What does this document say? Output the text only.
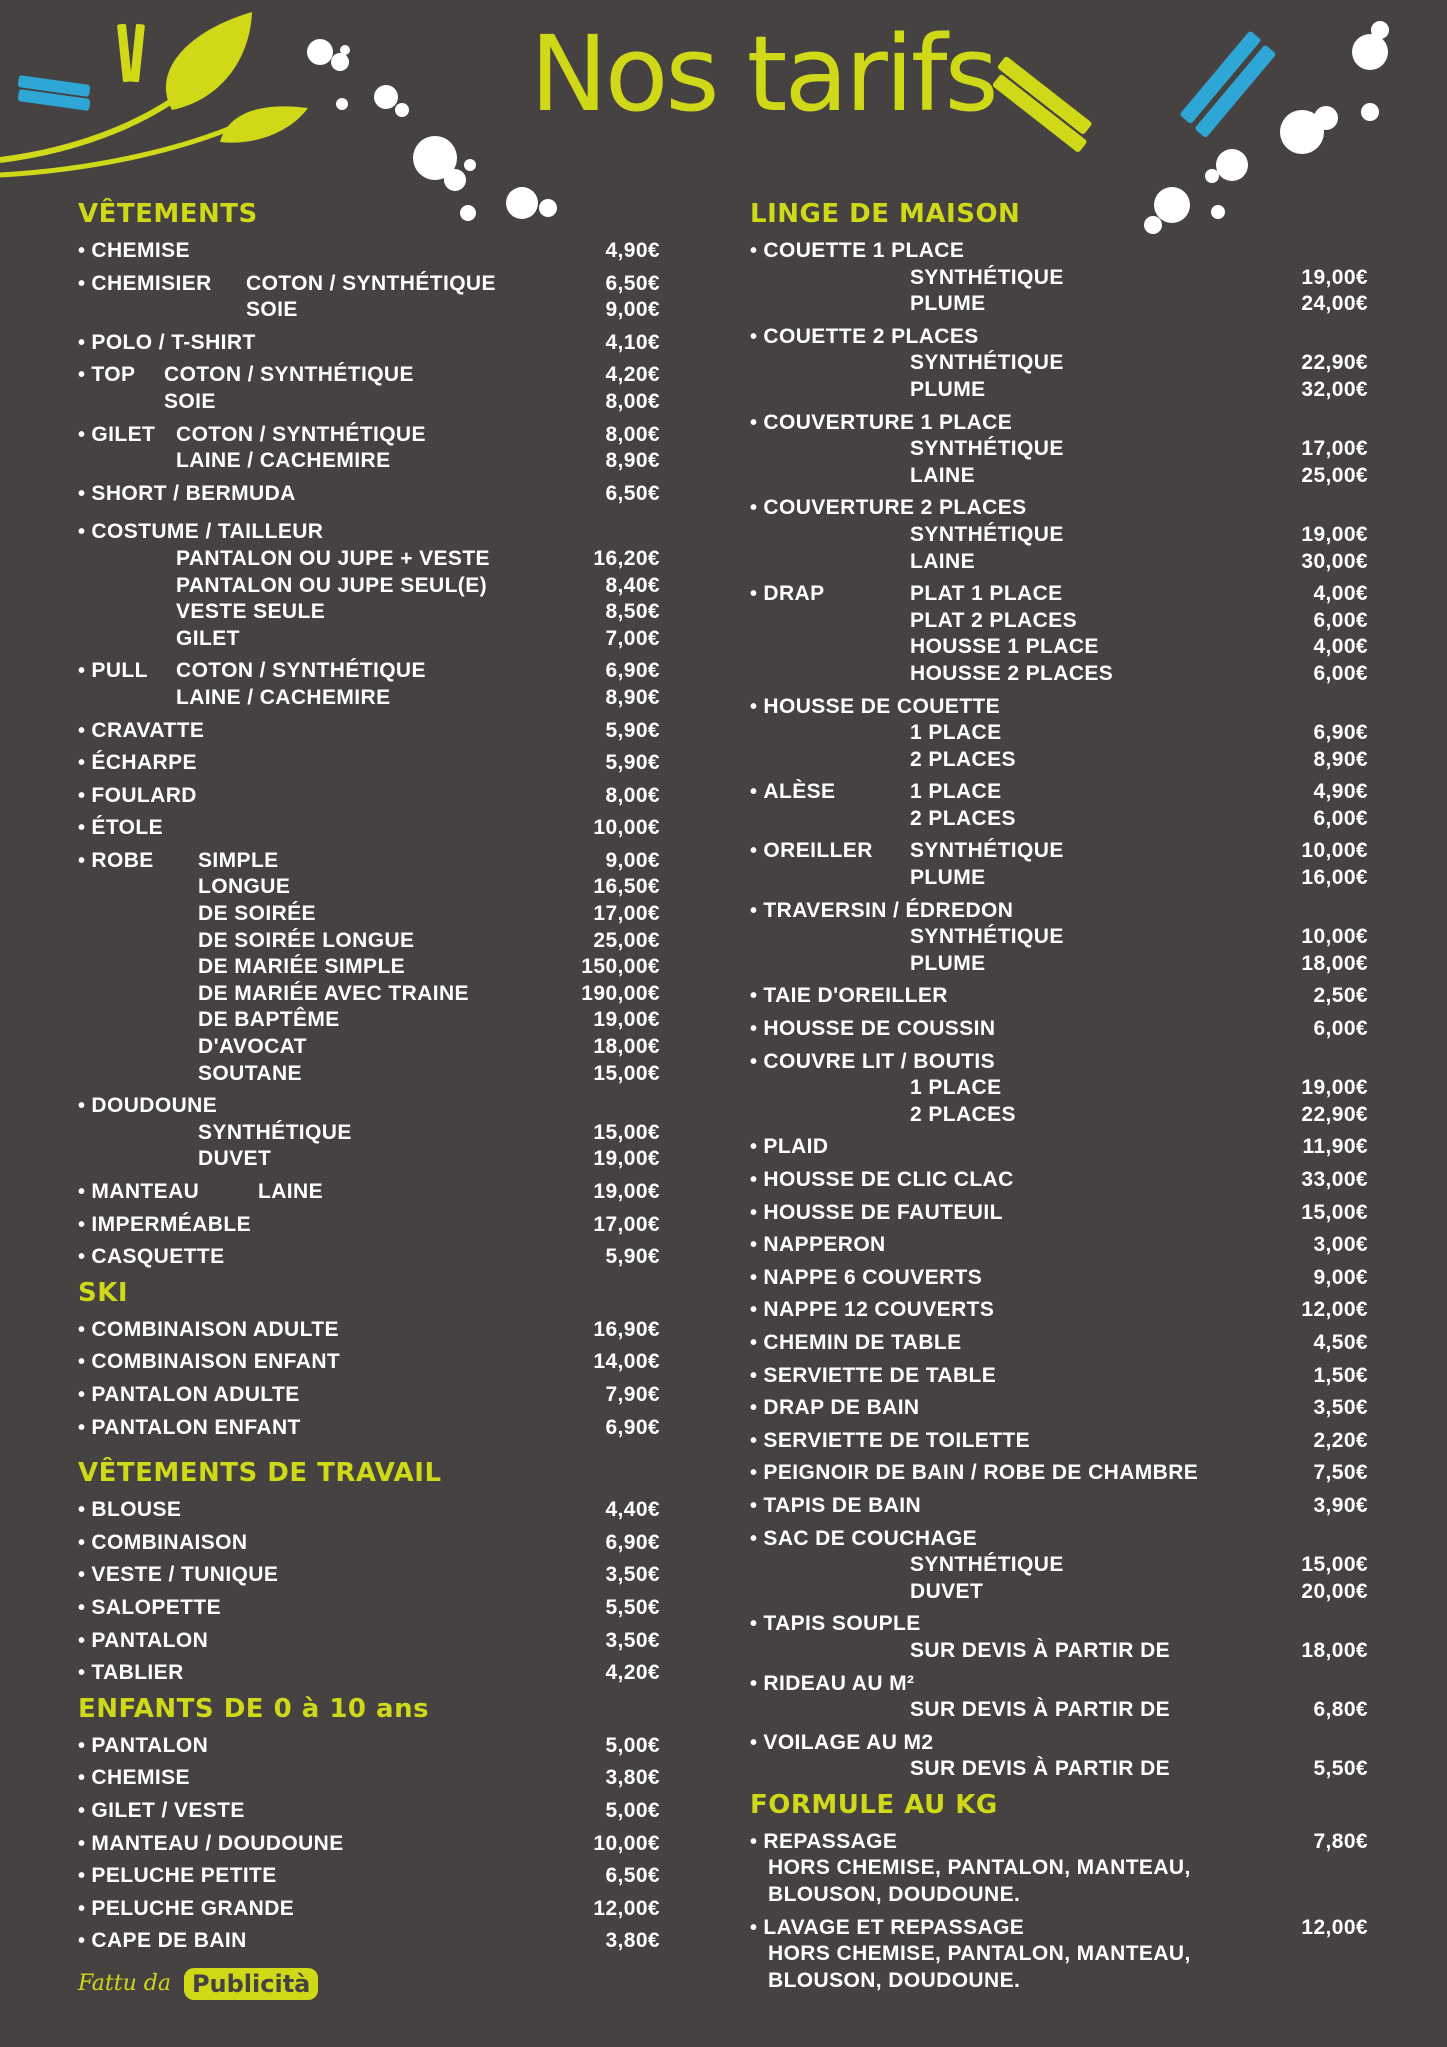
Nos tarifs
VÊTEMENTS
• CHEMISE	4,90€
• CHEMISIER COTON / SYNTHÉTIQUE	6,50€
SOIE	9,00€
• POLO / T-SHIRT	4,10€
• TOP COTON / SYNTHÉTIQUE	4,20€
SOIE	8,00€
• GILET COTON / SYNTHÉTIQUE	8,00€
LAINE / CACHEMIRE	8,90€
• SHORT / BERMUDA	6,50€
• COSTUME / TAILLEUR
PANTALON OU JUPE + VESTE	16,20€
PANTALON OU JUPE SEUL(E)	8,40€
VESTE SEULE	8,50€
GILET	7,00€
• PULL COTON / SYNTHÉTIQUE	6,90€
LAINE / CACHEMIRE	8,90€
• CRAVATTE	5,90€
• ÉCHARPE	5,90€
• FOULARD	8,00€
• ÉTOLE	10,00€
• ROBE SIMPLE	9,00€
LONGUE	16,50€
DE SOIRÉE	17,00€
DE SOIRÉE LONGUE	25,00€
DE MARIÉE SIMPLE	150,00€
DE MARIÉE AVEC TRAINE	190,00€
DE BAPTÊME	19,00€
D'AVOCAT	18,00€
SOUTANE	15,00€
• DOUDOUNE
SYNTHÉTIQUE	15,00€
DUVET	19,00€
• MANTEAU	LAINE	19,00€
• IMPERMÉABLE	17,00€
• CASQUETTE	5,90€
SKI
• COMBINAISON ADULTE	16,90€
• COMBINAISON ENFANT	14,00€
• PANTALON ADULTE	7,90€
• PANTALON ENFANT	6,90€
VÊTEMENTS DE TRAVAIL
• BLOUSE	4,40€
• COMBINAISON	6,90€
• VESTE / TUNIQUE	3,50€
• SALOPETTE	5,50€
• PANTALON	3,50€
• TABLIER	4,20€
ENFANTS DE 0 à 10 ans
• PANTALON	5,00€
• CHEMISE	3,80€
• GILET / VESTE	5,00€
• MANTEAU / DOUDOUNE	10,00€
• PELUCHE PETITE	6,50€
• PELUCHE GRANDE	12,00€
• CAPE DE BAIN	3,80€
LINGE DE MAISON
• COUETTE 1 PLACE
SYNTHÉTIQUE	19,00€
PLUME	24,00€
• COUETTE 2 PLACES
SYNTHÉTIQUE	22,90€
PLUME	32,00€
• COUVERTURE 1 PLACE
SYNTHÉTIQUE	17,00€
LAINE	25,00€
• COUVERTURE 2 PLACES
SYNTHÉTIQUE	19,00€
LAINE	30,00€
• DRAP	PLAT 1 PLACE	4,00€
PLAT 2 PLACES	6,00€
HOUSSE 1 PLACE	4,00€
HOUSSE 2 PLACES	6,00€
• HOUSSE DE COUETTE
1 PLACE	6,90€
2 PLACES	8,90€
• ALÈSE	1 PLACE	4,90€
2 PLACES	6,00€
• OREILLER SYNTHÉTIQUE	10,00€
PLUME	16,00€
• TRAVERSIN / ÉDREDON
SYNTHÉTIQUE	10,00€
PLUME	18,00€
• TAIE D'OREILLER	2,50€
• HOUSSE DE COUSSIN	6,00€
• COUVRE LIT / BOUTIS
1 PLACE	19,00€
2 PLACES	22,90€
• PLAID	11,90€
• HOUSSE DE CLIC CLAC	33,00€
• HOUSSE DE FAUTEUIL	15,00€
• NAPPERON	3,00€
• NAPPE 6 COUVERTS	9,00€
• NAPPE 12 COUVERTS	12,00€
• CHEMIN DE TABLE	4,50€
• SERVIETTE DE TABLE	1,50€
• DRAP DE BAIN	3,50€
• SERVIETTE DE TOILETTE	2,20€
• PEIGNOIR DE BAIN / ROBE DE CHAMBRE	7,50€
• TAPIS DE BAIN	3,90€
• SAC DE COUCHAGE
SYNTHÉTIQUE	15,00€
DUVET	20,00€
• TAPIS SOUPLE
SUR DEVIS À PARTIR DE	18,00€
• RIDEAU AU M²
SUR DEVIS À PARTIR DE	6,80€
• VOILAGE AU M2
SUR DEVIS À PARTIR DE	5,50€
FORMULE AU KG
• REPASSAGE	7,80€
HORS CHEMISE, PANTALON, MANTEAU,
BLOUSON, DOUDOUNE.
• LAVAGE ET REPASSAGE	12,00€
HORS CHEMISE, PANTALON, MANTEAU,
BLOUSON, DOUDOUNE.
Fattu da Publicità
